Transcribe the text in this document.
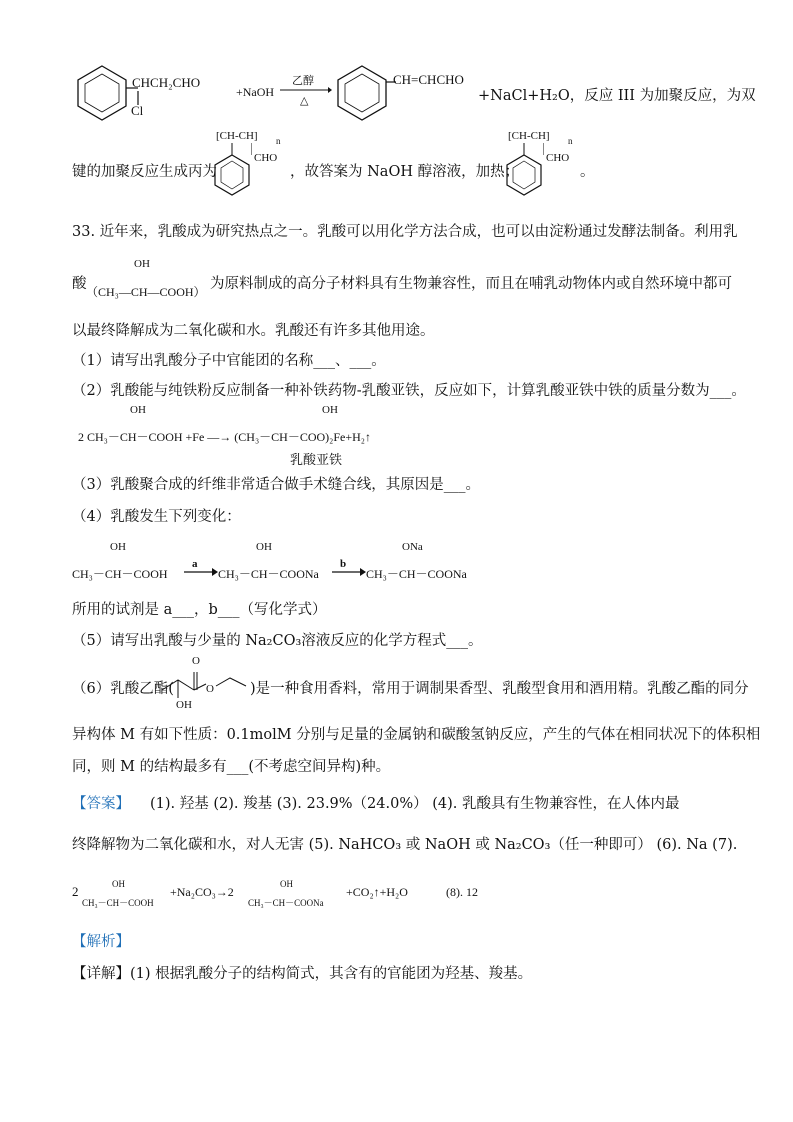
CHCH₂CHO
Cl
+NaOH
乙醇
△
CH=CHCHO
+NaCl+H₂O，反应 III 为加聚反应，为双
键的加聚反应生成丙为
[CH-CH] n
CHO
，故答案为 NaOH 醇溶液，加热；
[CH-CH] n
CHO
。
33. 近年来，乳酸成为研究热点之一。乳酸可以用化学方法合成，也可以由淀粉通过发酵法制备。利用乳
酸
OH
（CH₃—CH—COOH） 为原料制成的高分子材料具有生物兼容性，而且在哺乳动物体内或自然环境中都可
以最终降解成为二氧化碳和水。乳酸还有许多其他用途。
（1）请写出乳酸分子中官能团的名称___、___。
（2）乳酸能与纯铁粉反应制备一种补铁药物-乳酸亚铁，反应如下，计算乳酸亚铁中铁的质量分数为___。
OH	OH
2 CH₃－CH－COOH +Fe —→ (CH₃－CH－COO)₂Fe+H₂↑
乳酸亚铁
（3）乳酸聚合成的纤维非常适合做手术缝合线，其原因是___。
（4）乳酸发生下列变化：
OH	OH	ONa
CH₃－CH－COOH
a
CH₃－CH－COONa
b
CH₃－CH－COONa
所用的试剂是 a___，b___（写化学式）
（5）请写出乳酸与少量的 Na₂CO₃溶液反应的化学方程式___。
（6）乳酸乙酯(
O
OH
O )是一种食用香料，常用于调制果香型、乳酸型食用和酒用精。乳酸乙酯的同分
异构体 M 有如下性质：0.1molM 分别与足量的金属钠和碳酸氢钠反应，产生的气体在相同状况下的体积相
同，则 M 的结构最多有___(不考虑空间异构)种。
【答案】 (1). 羟基 (2). 羧基 (3). 23.9%（24.0%） (4). 乳酸具有生物兼容性，在人体内最
终降解物为二氧化碳和水，对人无害 (5). NaHCO₃ 或 NaOH 或 Na₂CO₃（任一种即可） (6). Na (7).
2	OH
CH₃－CH－COOH
+Na₂CO₃→2
OH
CH₃－CH－COONa
+CO₂↑+H₂O	(8). 12
【解析】
【详解】(1) 根据乳酸分子的结构简式，其含有的官能团为羟基、羧基。
